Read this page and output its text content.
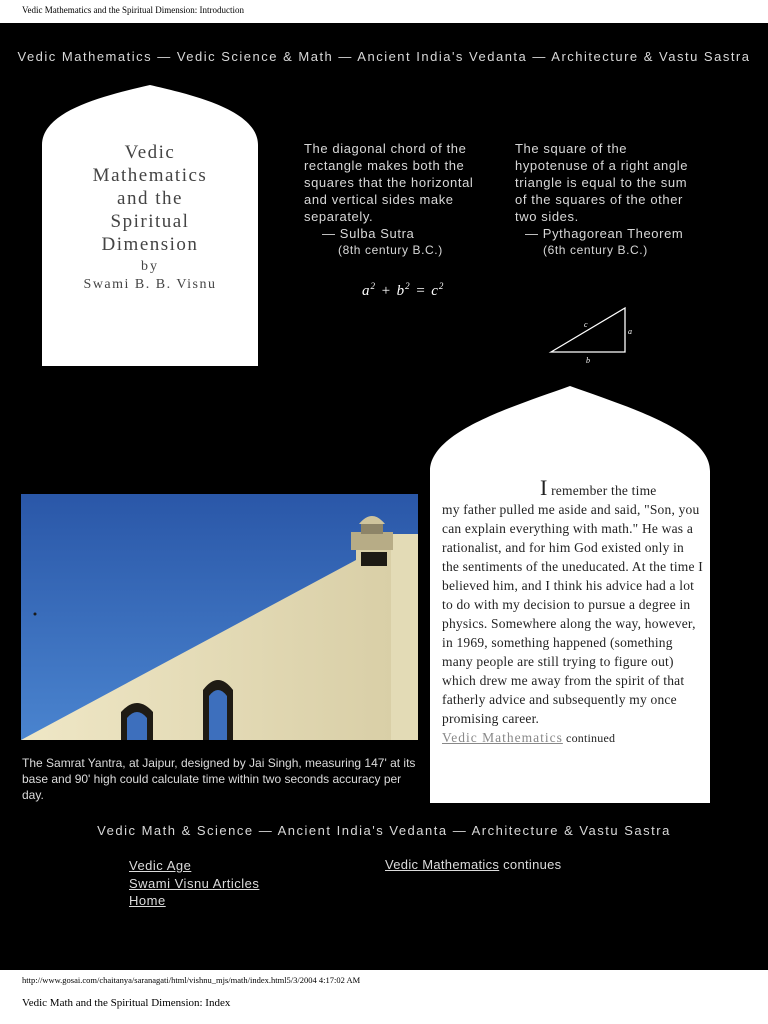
Vedic Mathematics and the Spiritual Dimension: Introduction
Vedic Mathematics — Vedic Science & Math — Ancient India's Vedanta — Architecture & Vastu Sastra
Vedic
Mathematics
and the
Spiritual
Dimension
by
Swami B. B. Visnu
The diagonal chord of the rectangle makes both the squares that the horizontal and vertical sides make separately.
— Sulba Sutra
(8th century B.C.)
The square of the hypotenuse of a right angle triangle is equal to the sum of the squares of the other two sides.
— Pythagorean Theorem
(6th century B.C.)
$a^2 + b^2 = c^2$
c
a
b
The Samrat Yantra, at Jaipur, designed by Jai Singh, measuring 147' at its base and 90' high could calculate time within two seconds accuracy per day.
I remember the time
my father pulled me aside and said, "Son, you can explain everything with math." He was a rationalist, and for him God existed only in the sentiments of the uneducated. At the time I believed him, and I think his advice had a lot to do with my decision to pursue a degree in physics. Somewhere along the way, however, in 1969, something happened (something many people are still trying to figure out) which drew me away from the spirit of that fatherly advice and subsequently my once promising career.
Vedic Mathematics continued
Vedic Math & Science — Ancient India's Vedanta — Architecture & Vastu Sastra
Vedic Age
Swami Visnu Articles
Home
Vedic Mathematics continues
http://www.gosai.com/chaitanya/saranagati/html/vishnu_mjs/math/index.html5/3/2004 4:17:02 AM
Vedic Math and the Spiritual Dimension: Index
